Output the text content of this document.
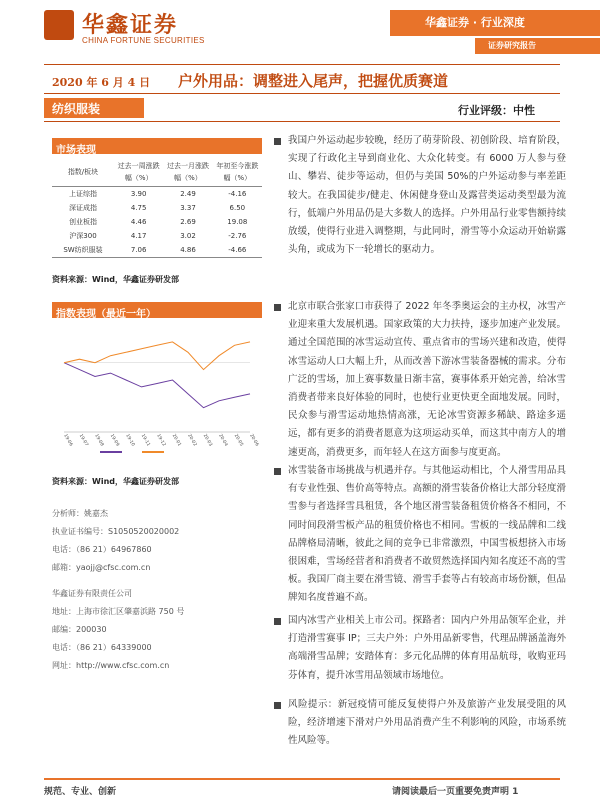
华鑫证券
CHINA FORTUNE SECURITIES
华鑫证券 · 行业深度
证券研究报告
2020 年 6 月 4 日 户外用品：调整进入尾声，把握优质赛道
纺织服装	行业评级：中性
市场表现
指数/板块	过去一周涨跌幅（%）	过去一月涨跌幅（%）	年初至今涨跌幅（%）
上证综指	3.90	2.49	-4.16
深证成指	4.75	3.37	6.50
创业板指	4.46	2.69	19.08
沪深300	4.17	3.02	-2.76
SW纺织服装	7.06	4.86	-4.66
资料来源：Wind，华鑫证券研发部
指数表现（最近一年）
19-06 19-07 19-08 19-09 19-10 19-11 19-12 20-01 20-02 20-03 20-04 20-05 20-06

资料来源：Wind，华鑫证券研发部
分析师：姚嘉杰
执业证书编号：S1050520020002
电话：（86 21）64967860
邮箱：yaojj@cfsc.com.cn
华鑫证券有限责任公司
地址：上海市徐汇区肇嘉浜路 750 号
邮编：200030
电话：（86 21）64339000
网址：http://www.cfsc.com.cn
我国户外运动起步较晚，经历了萌芽阶段、初创阶段、培育阶段，实现了行政化主导到商业化、大众化转变。有 6000 万人参与登山、攀岩、徒步等运动，但仍与美国 50%的户外运动参与率差距较大。在我国徒步/健走、休闲健身登山及露营类运动类型最为流行，低端户外用品仍是大多数人的选择。户外用品行业零售额持续放缓，使得行业进入调整期，与此同时，滑雪等小众运动开始崭露头角，或成为下一轮增长的驱动力。
北京市联合张家口市获得了 2022 年冬季奥运会的主办权，冰雪产业迎来重大发展机遇。国家政策的大力扶持，逐步加速产业发展。通过全国范围的冰雪运动宣传、重点省市的雪场兴建和改造，使得冰雪运动人口大幅上升，从而改善下游冰雪装备器械的需求。分布广泛的雪场，加上赛事数量日渐丰富，赛事体系开始完善，给冰雪消费者带来良好体验的同时，也使行业更快更全面地发展。同时，民众参与滑雪运动地热情高涨，无论冰雪资源多稀缺、路途多遥远，都有更多的消费者愿意为这项运动买单，而这其中南方人的增速更高，消费更多，而年轻人在这方面参与度更高。
冰雪装备市场挑战与机遇并存。与其他运动相比，个人滑雪用品具有专业性强、售价高等特点。高额的滑雪装备价格让大部分轻度滑雪参与者选择雪具租赁，各个地区滑雪装备租赁价格各不相同，不同时间段滑雪板产品的租赁价格也不相同。雪板的一线品牌和二线品牌格局清晰，彼此之间的竞争已非常激烈，中国雪板想挤入市场很困难，雪场经营者和消费者不敢贸然选择国内知名度还不高的雪板。我国厂商主要在滑雪镜、滑雪手套等占有较高市场份额，但品牌知名度普遍不高。
国内冰雪产业相关上市公司。探路者：国内户外用品领军企业，并打造滑雪赛事 IP；三夫户外：户外用品新零售，代理品牌涵盖海外高端滑雪品牌；安踏体育：多元化品牌的体育用品航母，收购亚玛芬体育，提升冰雪用品领域市场地位。
风险提示：新冠疫情可能反复使得户外及旅游产业发展受阻的风险，经济增速下滑对户外用品消费产生不利影响的风险，市场系统性风险等。
规范、专业、创新	请阅读最后一页重要免责声明 1
